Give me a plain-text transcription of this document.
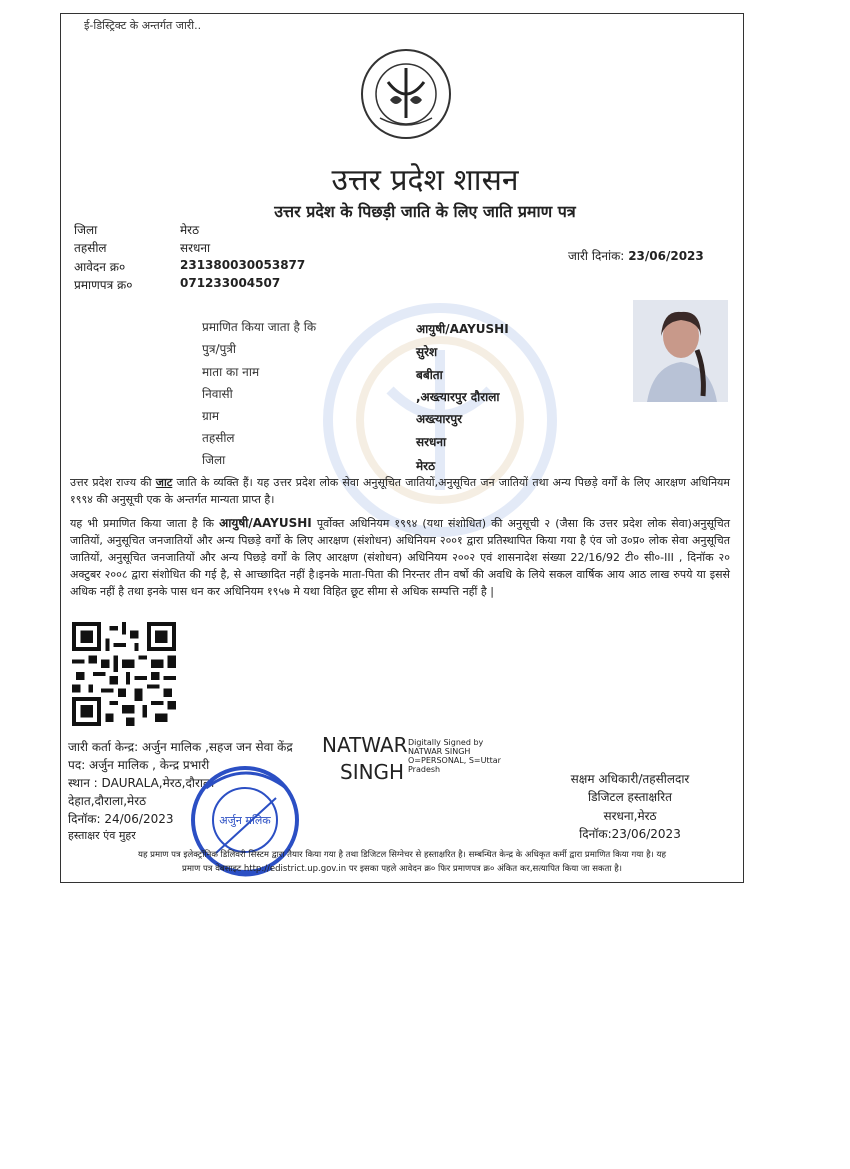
ई-डिस्ट्रिक्ट के अन्तर्गत जारी..
उत्तर प्रदेश शासन
उत्तर प्रदेश के पिछड़ी जाति के लिए जाति प्रमाण पत्र
जिला	मेरठ
तहसील	सरधना
आवेदन क्र०	231380030053877
प्रमाणपत्र क्र०	071233004507
जारी दिनांक: 23/06/2023
प्रमाणित किया जाता है कि	आयुषी/AAYUSHI
पुत्र/पुत्री	सुरेश
माता का नाम	बबीता
निवासी	,अख्त्यारपुर दौराला
ग्राम	अख्त्यारपुर
तहसील	सरधना
जिला	मेरठ
उत्तर प्रदेश राज्य की जाट जाति के व्यक्ति हैं। यह उत्तर प्रदेश लोक सेवा अनुसूचित जातियों,अनुसूचित जन जातियों तथा अन्य पिछड़े वर्गों के लिए आरक्षण अधिनियम १९९४ की अनुसूची एक के अन्तर्गत मान्यता प्राप्त है।
यह भी प्रमाणित किया जाता है कि आयुषी/AAYUSHI पूर्वोक्त अधिनियम १९९४ (यथा संशोधित) की अनुसूची २ (जैसा कि उत्तर प्रदेश लोक सेवा)अनुसूचित जातियों, अनुसूचित जनजातियों और अन्य पिछड़े वर्गों के लिए आरक्षण (संशोधन) अधिनियम २००१ द्वारा प्रतिस्थापित किया गया है एंव जो उ०प्र० लोक सेवा अनुसूचित जातियों, अनुसूचित जनजातियों और अन्य पिछड़े वर्गों के लिए आरक्षण (संशोधन) अधिनियम २००२ एवं शासनादेश संख्या 22/16/92 टी० सी०-III , दिनॉक २० अक्टुबर २००८ द्वारा संशोधित की गई है, से आच्छादित नहीं है।इनके माता-पिता की निरन्तर तीन वर्षो की अवधि के लिये सकल वार्षिक आय आठ लाख रुपये या इससे अधिक नहीं है तथा इनके पास धन कर अधिनियम १९५७ मे यथा विहित छूट सीमा से अधिक सम्पत्ति नहीं है |
जारी कर्ता केन्द्र: अर्जुन मालिक ,सहज जन सेवा केंद्र
पद: अर्जुन मालिक , केन्द्र प्रभारी
स्थान : DAURALA,मेरठ,दौराला
देहात,दौराला,मेरठ
दिनॉक: 24/06/2023
हस्ताक्षर एंव मुहर
NATWAR
SINGH
Digitally Signed by
NATWAR SINGH
O=PERSONAL, S=Uttar
Pradesh
सक्षम अधिकारी/तहसीलदार
डिजिटल हस्ताक्षरित
सरधना,मेरठ
दिनॉक:23/06/2023
अर्जुन मलिक
यह प्रमाण पत्र इलेक्ट्रॉनिक डिलिवरी सिस्टम द्वारा तैयार किया गया है तथा डिजिटल सिग्नेचर से हस्ताक्षरित है। सम्बन्धित केन्द्र के अधिकृत कर्मी द्वारा प्रमाणित किया गया है। यह
प्रमाण पत्र वेबसाइट http://edistrict.up.gov.in पर इसका पहले आवेदन क्र० फिर प्रमाणपत्र क्र० अंकित कर,सत्यापित किया जा सकता है।
